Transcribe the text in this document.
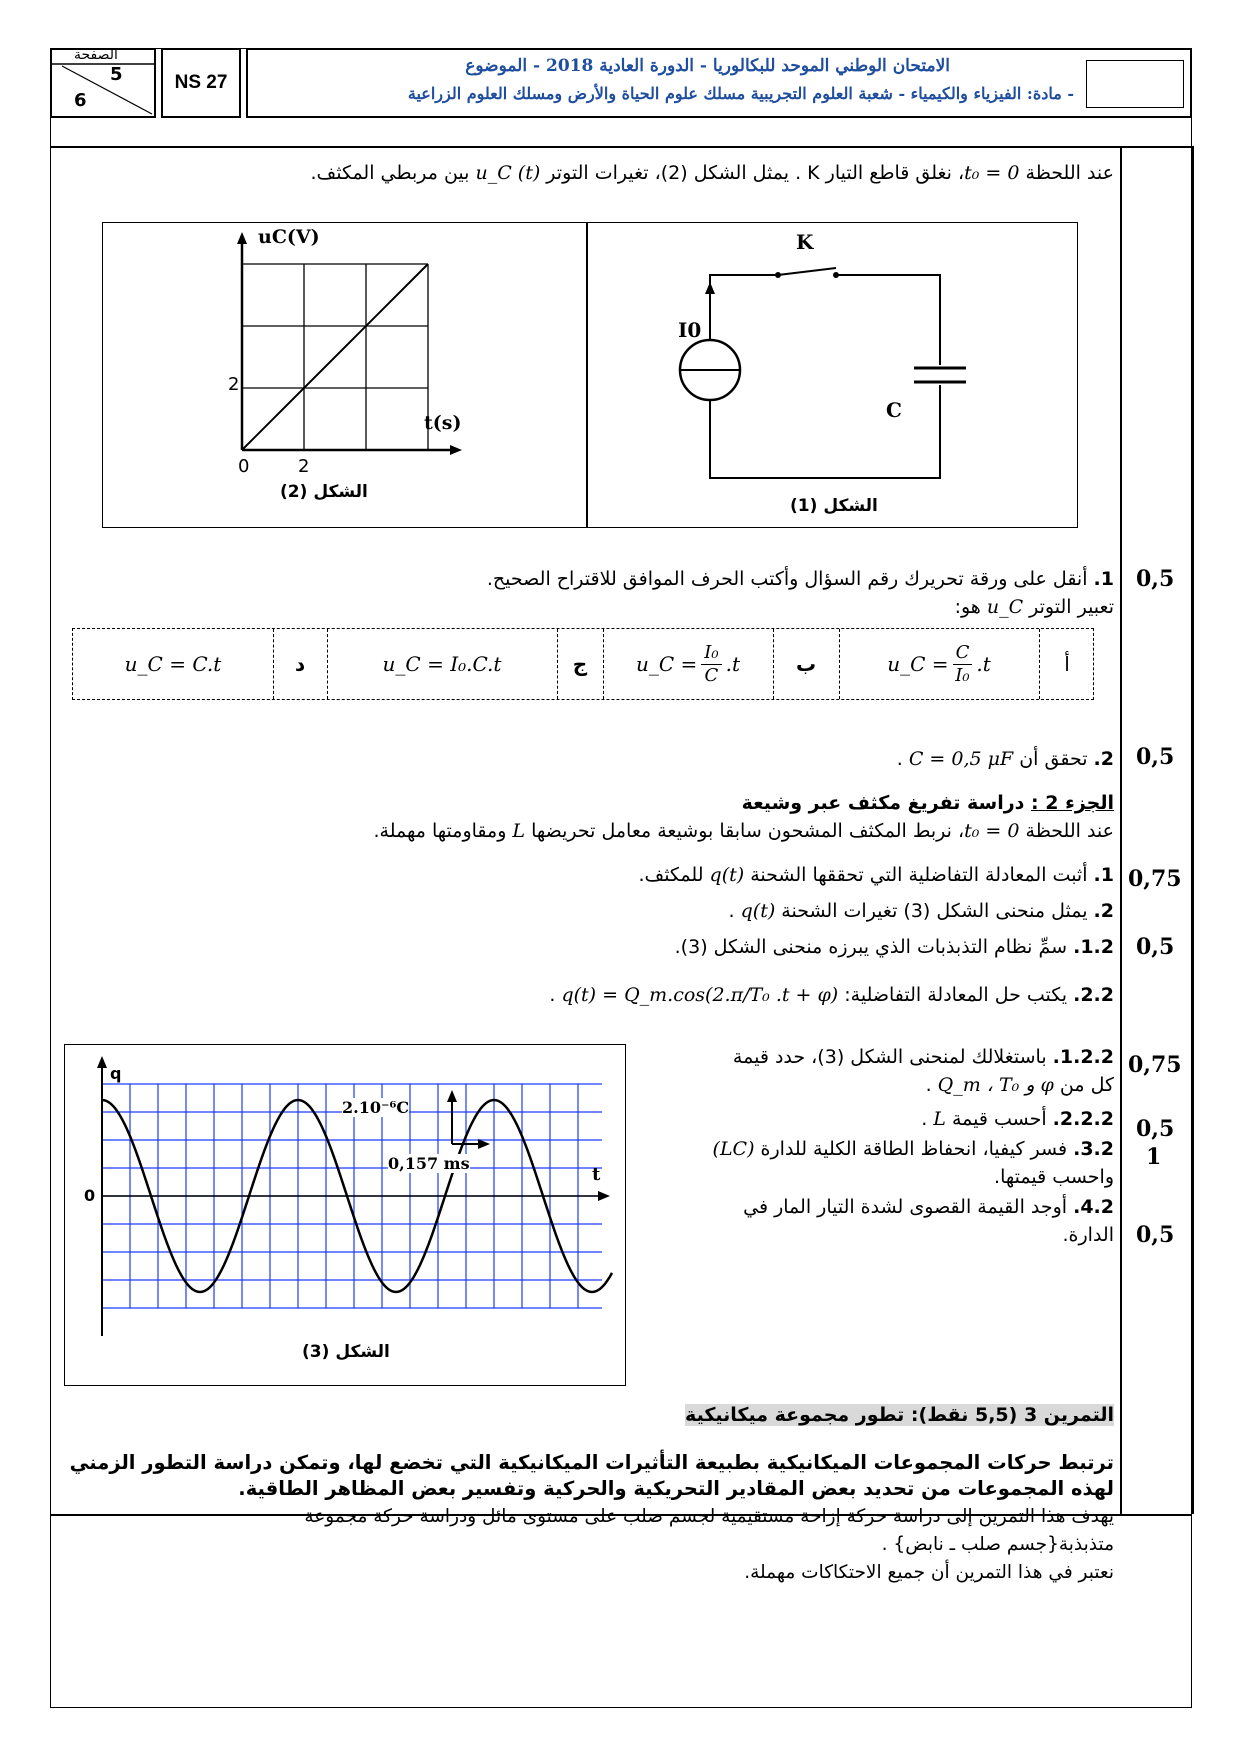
الصفحة
5
6
NS 27
الامتحان الوطني الموحد للبكالوريا - الدورة العادية 2018 - الموضوع
- مادة: الفيزياء والكيمياء - شعبة العلوم التجريبية مسلك علوم الحياة والأرض ومسلك العلوم الزراعية
عند اللحظة t₀ = 0، نغلق قاطع التيار K . يمثل الشكل (2)، تغيرات التوتر u_C (t) بين مربطي المكثف.
uC(V)
t(s)
2
0	2
الشكل (2)
K
I0
C
الشكل (1)
0,5
1. أنقل على ورقة تحريرك رقم السؤال وأكتب الحرف الموافق للاقتراح الصحيح.
تعبير التوتر u_C هو:
أ
u_C = $\frac{C}{\text{I₀}} .t$
ب
u_C = $\frac{\text{I₀}}{C} .t$
ج
u_C = I₀.C.t
د
u_C = C.t
0,5
2. تحقق أن C = 0,5 μF .
الجزء 2 : دراسة تفريغ مكثف عبر وشيعة
عند اللحظة t₀ = 0، نربط المكثف المشحون سابقا بوشيعة معامل تحريضها L ومقاومتها مهملة.
0,75
1. أثبت المعادلة التفاضلية التي تحققها الشحنة q(t) للمكثف.
2. يمثل منحنى الشكل (3) تغيرات الشحنة q(t) .
0,5
1.2. سمِّ نظام التذبذبات الذي يبرزه منحنى الشكل (3).
2.2. يكتب حل المعادلة التفاضلية: q(t) = Q_m.cos(2.π/T₀ .t + φ) .
0,75
1.2.2. باستغلالك لمنحنى الشكل (3)، حدد قيمة
كل من Q_m ، T₀ و φ .
0,5
2.2.2. أحسب قيمة L .
1
3.2. فسر كيفيا، انحفاظ الطاقة الكلية للدارة (LC)
واحسب قيمتها.
0,5
4.2. أوجد القيمة القصوى لشدة التيار المار في
الدارة.
q
t
0
2.10⁻⁶C
0,157 ms
الشكل (3)
التمرين 3 (5,5 نقط): تطور مجموعة ميكانيكية
ترتبط حركات المجموعات الميكانيكية بطبيعة التأثيرات الميكانيكية التي تخضع لها، وتمكن دراسة التطور الزمني
لهذه المجموعات من تحديد بعض المقادير التحريكية والحركية وتفسير بعض المظاهر الطاقية.
يهدف هذا التمرين إلى دراسة حركة إزاحة مستقيمية لجسم صلب على مستوى مائل ودراسة حركة مجموعة
متذبذبة{جسم صلب ـ نابض} .
نعتبر في هذا التمرين أن جميع الاحتكاكات مهملة.
